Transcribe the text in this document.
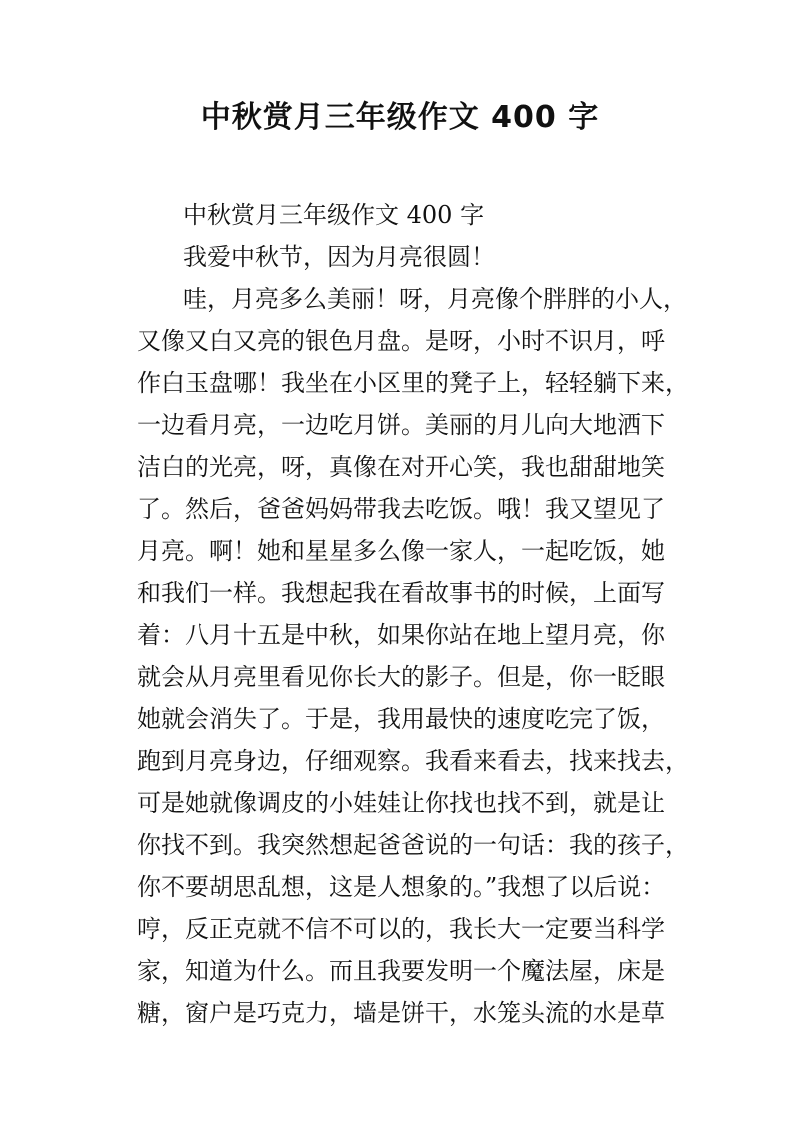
中秋赏月三年级作文 400 字
中秋赏月三年级作文 400 字
我爱中秋节，因为月亮很圆！
哇，月亮多么美丽！呀，月亮像个胖胖的小人，
又像又白又亮的银色月盘。是呀，小时不识月，呼
作白玉盘哪！我坐在小区里的凳子上，轻轻躺下来，
一边看月亮，一边吃月饼。美丽的月儿向大地洒下
洁白的光亮，呀，真像在对开心笑，我也甜甜地笑
了。然后，爸爸妈妈带我去吃饭。哦！我又望见了
月亮。啊！她和星星多么像一家人，一起吃饭，她
和我们一样。我想起我在看故事书的时候，上面写
着：八月十五是中秋，如果你站在地上望月亮，你
就会从月亮里看见你长大的影子。但是，你一眨眼
她就会消失了。于是，我用最快的速度吃完了饭，
跑到月亮身边，仔细观察。我看来看去，找来找去，
可是她就像调皮的小娃娃让你找也找不到，就是让
你找不到。我突然想起爸爸说的一句话：我的孩子，
你不要胡思乱想，这是人想象的。”我想了以后说：
哼，反正克就不信不可以的，我长大一定要当科学
家，知道为什么。而且我要发明一个魔法屋，床是
糖，窗户是巧克力，墙是饼干，水笼头流的水是草
